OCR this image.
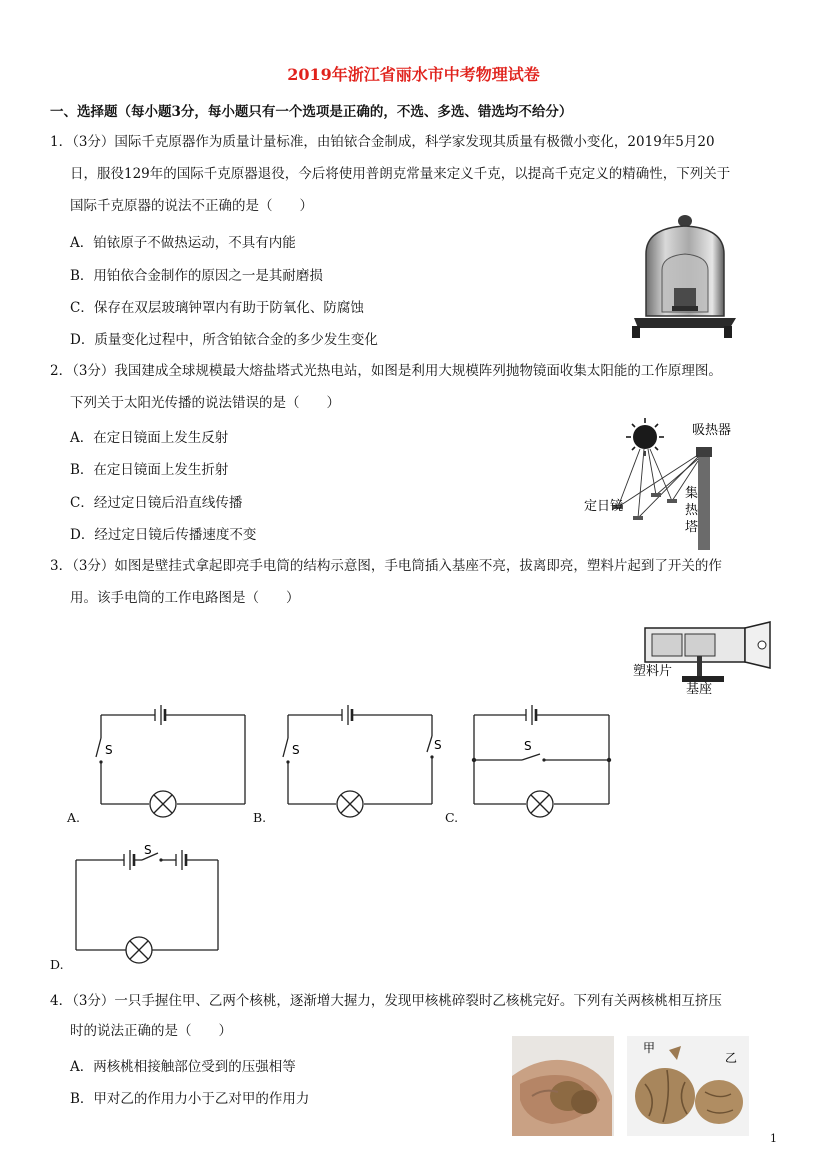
2019年浙江省丽水市中考物理试卷
一、选择题（每小题3分，每小题只有一个选项是正确的，不选、多选、错选均不给分）
1．（3分）国际千克原器作为质量计量标准，由铂铱合金制成，科学家发现其质量有极微小变化，2019年5月20
日，服役129年的国际千克原器退役，今后将使用普朗克常量来定义千克，以提高千克定义的精确性，下列关于
国际千克原器的说法不正确的是（　　）
A．铂铱原子不做热运动，不具有内能
B．用铂依合金制作的原因之一是其耐磨损
C．保存在双层玻璃钟罩内有助于防氧化、防腐蚀
D．质量变化过程中，所含铂铱合金的多少发生变化
2．（3分）我国建成全球规模最大熔盐塔式光热电站，如图是利用大规模阵列抛物镜面收集太阳能的工作原理图。
下列关于太阳光传播的说法错误的是（　　）
A．在定日镜面上发生反射
B．在定日镜面上发生折射
C．经过定日镜后沿直线传播
D．经过定日镜后传播速度不变
吸热器
定日镜
集
热
塔
3．（3分）如图是壁挂式拿起即亮手电筒的结构示意图，手电筒插入基座不亮，拔离即亮，塑料片起到了开关的作
用。该手电筒的工作电路图是（　　）
塑料片
基座
S
A.
S	S
B.
S
C.
S
D.
4．（3分）一只手握住甲、乙两个核桃，逐渐增大握力，发现甲核桃碎裂时乙核桃完好。下列有关两核桃相互挤压
时的说法正确的是（　　）
A．两核桃相接触部位受到的压强相等
B．甲对乙的作用力小于乙对甲的作用力
甲
乙
1
